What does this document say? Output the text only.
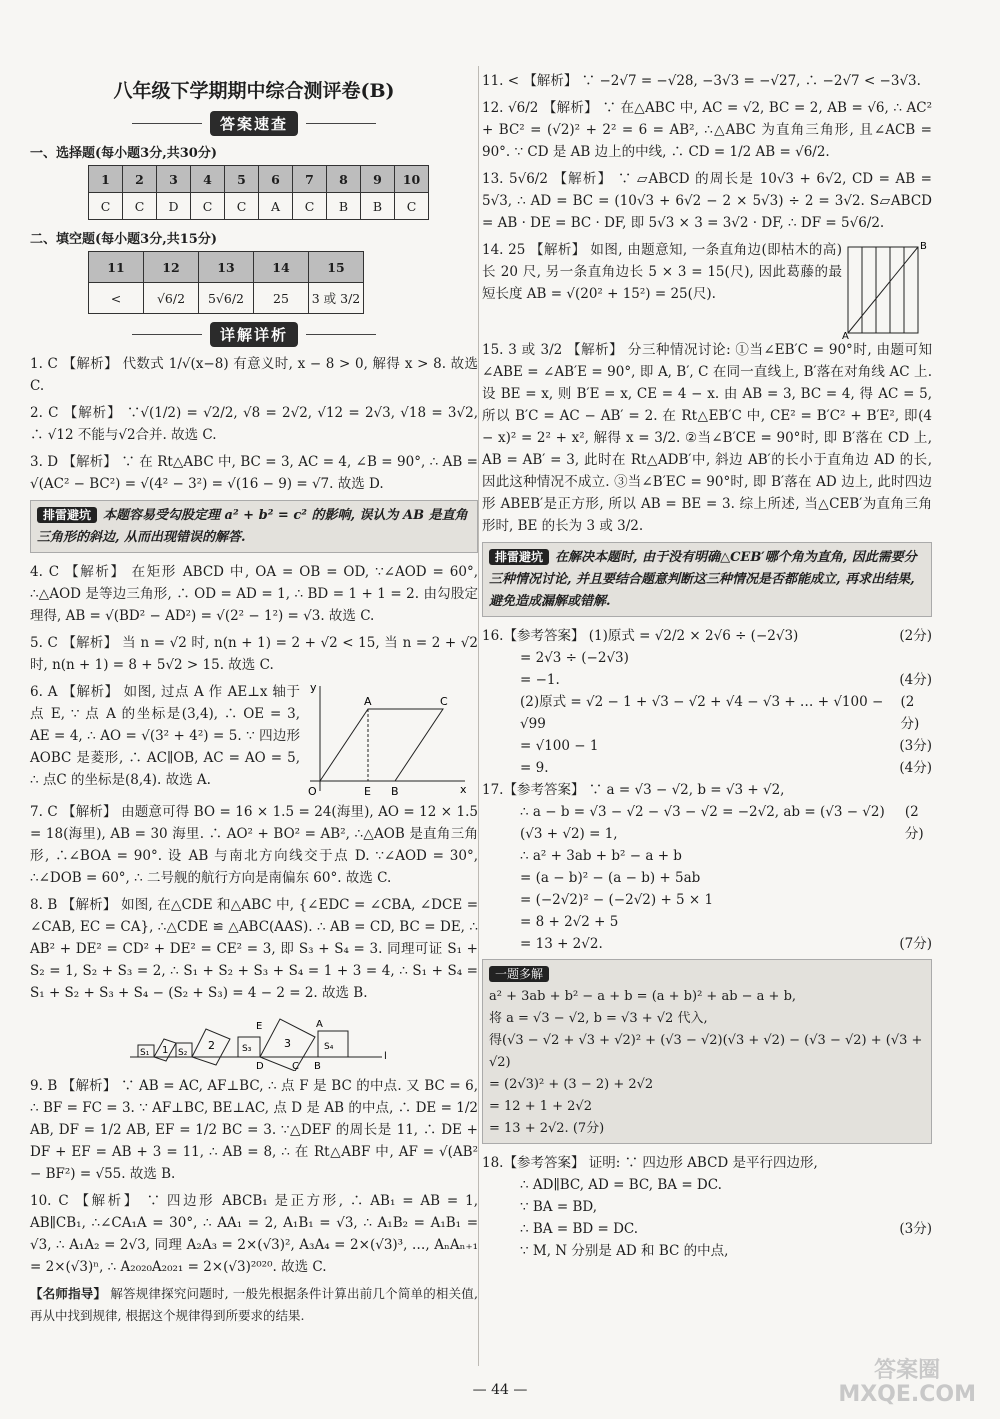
八年级下学期期中综合测评卷(B)
答案速查
一、选择题(每小题3分,共30分)
1	2	3	4	5	6	7	8	9	10
C	C	D	C	C	A	C	B	B	C
二、填空题(每小题3分,共15分)
11	12	13	14	15
<	√6/2	5√6/2	25	3 或 3/2
详解详析
1. C 【解析】 代数式 1/√(x−8) 有意义时, x − 8 > 0, 解得 x > 8. 故选 C.
2. C 【解析】 ∵√(1/2) = √2/2, √8 = 2√2, √12 = 2√3, √18 = 3√2, ∴ √12 不能与√2合并. 故选 C.
3. D 【解析】 ∵ 在 Rt△ABC 中, BC = 3, AC = 4, ∠B = 90°, ∴ AB = √(AC² − BC²) = √(4² − 3²) = √(16 − 9) = √7. 故选 D.
排雷避坑 本题容易受勾股定理 a² + b² = c² 的影响, 误认为 AB 是直角三角形的斜边, 从而出现错误的解答.
4. C 【解析】 在矩形 ABCD 中, OA = OB = OD, ∵∠AOD = 60°, ∴△AOD 是等边三角形, ∴ OD = AD = 1, ∴ BD = 1 + 1 = 2. 由勾股定理得, AB = √(BD² − AD²) = √(2² − 1²) = √3. 故选 C.
5. C 【解析】 当 n = √2 时, n(n + 1) = 2 + √2 < 15, 当 n = 2 + √2 时, n(n + 1) = 8 + 5√2 > 15. 故选 C.
6. A 【解析】 如图, 过点 A 作 AE⊥x 轴于点 E, ∵ 点 A 的坐标是(3,4), ∴ OE = 3, AE = 4, ∴ AO = √(3² + 4²) = 5. ∵ 四边形 AOBC 是菱形, ∴ AC∥OB, AC = AO = 5, ∴ 点C 的坐标是(8,4). 故选 A.
y
x
O	E B
A	C
7. C 【解析】 由题意可得 BO = 16 × 1.5 = 24(海里), AO = 12 × 1.5 = 18(海里), AB = 30 海里. ∴ AO² + BO² = AB², ∴△AOB 是直角三角形, ∴∠BOA = 90°. 设 AB 与南北方向线交于点 D. ∵∠AOD = 30°, ∴∠DOB = 60°, ∴ 二号舰的航行方向是南偏东 60°. 故选 C.
8. B 【解析】 如图, 在△CDE 和△ABC 中, {∠EDC = ∠CBA, ∠DCE = ∠CAB, EC = CA}, ∴△CDE ≌ △ABC(AAS). ∴ AB = CD, BC = DE, ∴ AB² + DE² = CD² + DE² = CE² = 3, 即 S₃ + S₄ = 3. 同理可证 S₁ + S₂ = 1, S₂ + S₃ = 2, ∴ S₁ + S₂ + S₃ + S₄ = 1 + 3 = 4, ∴ S₁ + S₄ = S₁ + S₂ + S₃ + S₄ − (S₂ + S₃) = 4 − 2 = 2. 故选 B.
S₁	S₂
1	2	S₃	3	S₄
E	A
D	C B
l
9. B 【解析】 ∵ AB = AC, AF⊥BC, ∴ 点 F 是 BC 的中点. 又 BC = 6, ∴ BF = FC = 3. ∵ AF⊥BC, BE⊥AC, 点 D 是 AB 的中点, ∴ DE = 1/2 AB, DF = 1/2 AB, EF = 1/2 BC = 3. ∵△DEF 的周长是 11, ∴ DE + DF + EF = AB + 3 = 11, ∴ AB = 8, ∴ 在 Rt△ABF 中, AF = √(AB² − BF²) = √55. 故选 B.
10. C 【解析】 ∵ 四边形 ABCB₁ 是正方形, ∴ AB₁ = AB = 1, AB∥CB₁, ∴∠CA₁A = 30°, ∴ AA₁ = 2, A₁B₁ = √3, ∴ A₁B₂ = A₁B₁ = √3, ∴ A₁A₂ = 2√3, 同理 A₂A₃ = 2×(√3)², A₃A₄ = 2×(√3)³, …, AₙAₙ₊₁ = 2×(√3)ⁿ, ∴ A₂₀₂₀A₂₀₂₁ = 2×(√3)²⁰²⁰. 故选 C.
【名师指导】 解答规律探究问题时, 一般先根据条件计算出前几个简单的相关值, 再从中找到规律, 根据这个规律得到所要求的结果.
11. < 【解析】 ∵ −2√7 = −√28, −3√3 = −√27, ∴ −2√7 < −3√3.
12. √6/2 【解析】 ∵ 在△ABC 中, AC = √2, BC = 2, AB = √6, ∴ AC² + BC² = (√2)² + 2² = 6 = AB², ∴△ABC 为直角三角形, 且∠ACB = 90°. ∵ CD 是 AB 边上的中线, ∴ CD = 1/2 AB = √6/2.
13. 5√6/2 【解析】 ∵ ▱ABCD 的周长是 10√3 + 6√2, CD = AB = 5√3, ∴ AD = BC = (10√3 + 6√2 − 2 × 5√3) ÷ 2 = 3√2. S▱ABCD = AB · DE = BC · DF, 即 5√3 × 3 = 3√2 · DF, ∴ DF = 5√6/2.
14. 25 【解析】 如图, 由题意知, 一条直角边(即枯木的高)长 20 尺, 另一条直角边长 5 × 3 = 15(尺), 因此葛藤的最短长度 AB = √(20² + 15²) = 25(尺).
A
B
15. 3 或 3/2 【解析】 分三种情况讨论: ①当∠EB′C = 90°时, 由题可知∠ABE = ∠AB′E = 90°, 即 A, B′, C 在同一直线上, B′落在对角线 AC 上. 设 BE = x, 则 B′E = x, CE = 4 − x. 由 AB = 3, BC = 4, 得 AC = 5, 所以 B′C = AC − AB′ = 2. 在 Rt△EB′C 中, CE² = B′C² + B′E², 即(4 − x)² = 2² + x², 解得 x = 3/2. ②当∠B′CE = 90°时, 即 B′落在 CD 上, AB = AB′ = 3, 此时在 Rt△ADB′中, 斜边 AB′的长小于直角边 AD 的长, 因此这种情况不成立. ③当∠B′EC = 90°时, 即 B′落在 AD 边上, 此时四边形 ABEB′是正方形, 所以 AB = BE = 3. 综上所述, 当△CEB′为直角三角形时, BE 的长为 3 或 3/2.
排雷避坑 在解决本题时, 由于没有明确△CEB′哪个角为直角, 因此需要分三种情况讨论, 并且要结合题意判断这三种情况是否都能成立, 再求出结果, 避免造成漏解或错解.
16.【参考答案】 (1)原式 = √2/2 × 2√6 ÷ (−2√3)	(2分)
= 2√3 ÷ (−2√3)
= −1.	(4分)
(2)原式 = √2 − 1 + √3 − √2 + √4 − √3 + … + √100 − √99
(2分)
= √100 − 1	(3分)
= 9.	(4分)
17.【参考答案】 ∵ a = √3 − √2, b = √3 + √2,
∴ a − b = √3 − √2 − √3 − √2 = −2√2, ab = (√3 − √2)(√3 + √2) = 1,
(2分)
∴ a² + 3ab + b² − a + b
= (a − b)² − (a − b) + 5ab
= (−2√2)² − (−2√2) + 5 × 1
= 8 + 2√2 + 5
= 13 + 2√2.	(7分)
一题多解
a² + 3ab + b² − a + b = (a + b)² + ab − a + b,
将 a = √3 − √2, b = √3 + √2 代入,
得(√3 − √2 + √3 + √2)² + (√3 − √2)(√3 + √2) − (√3 − √2) + (√3 + √2)
= (2√3)² + (3 − 2) + 2√2
= 12 + 1 + 2√2
= 13 + 2√2. (7分)
18.【参考答案】 证明: ∵ 四边形 ABCD 是平行四边形,
∴ AD∥BC, AD = BC, BA = DC.
∵ BA = BD,
∴ BA = BD = DC.	(3分)
∵ M, N 分别是 AD 和 BC 的中点,
— 44 —
答案圈
MXQE.COM
